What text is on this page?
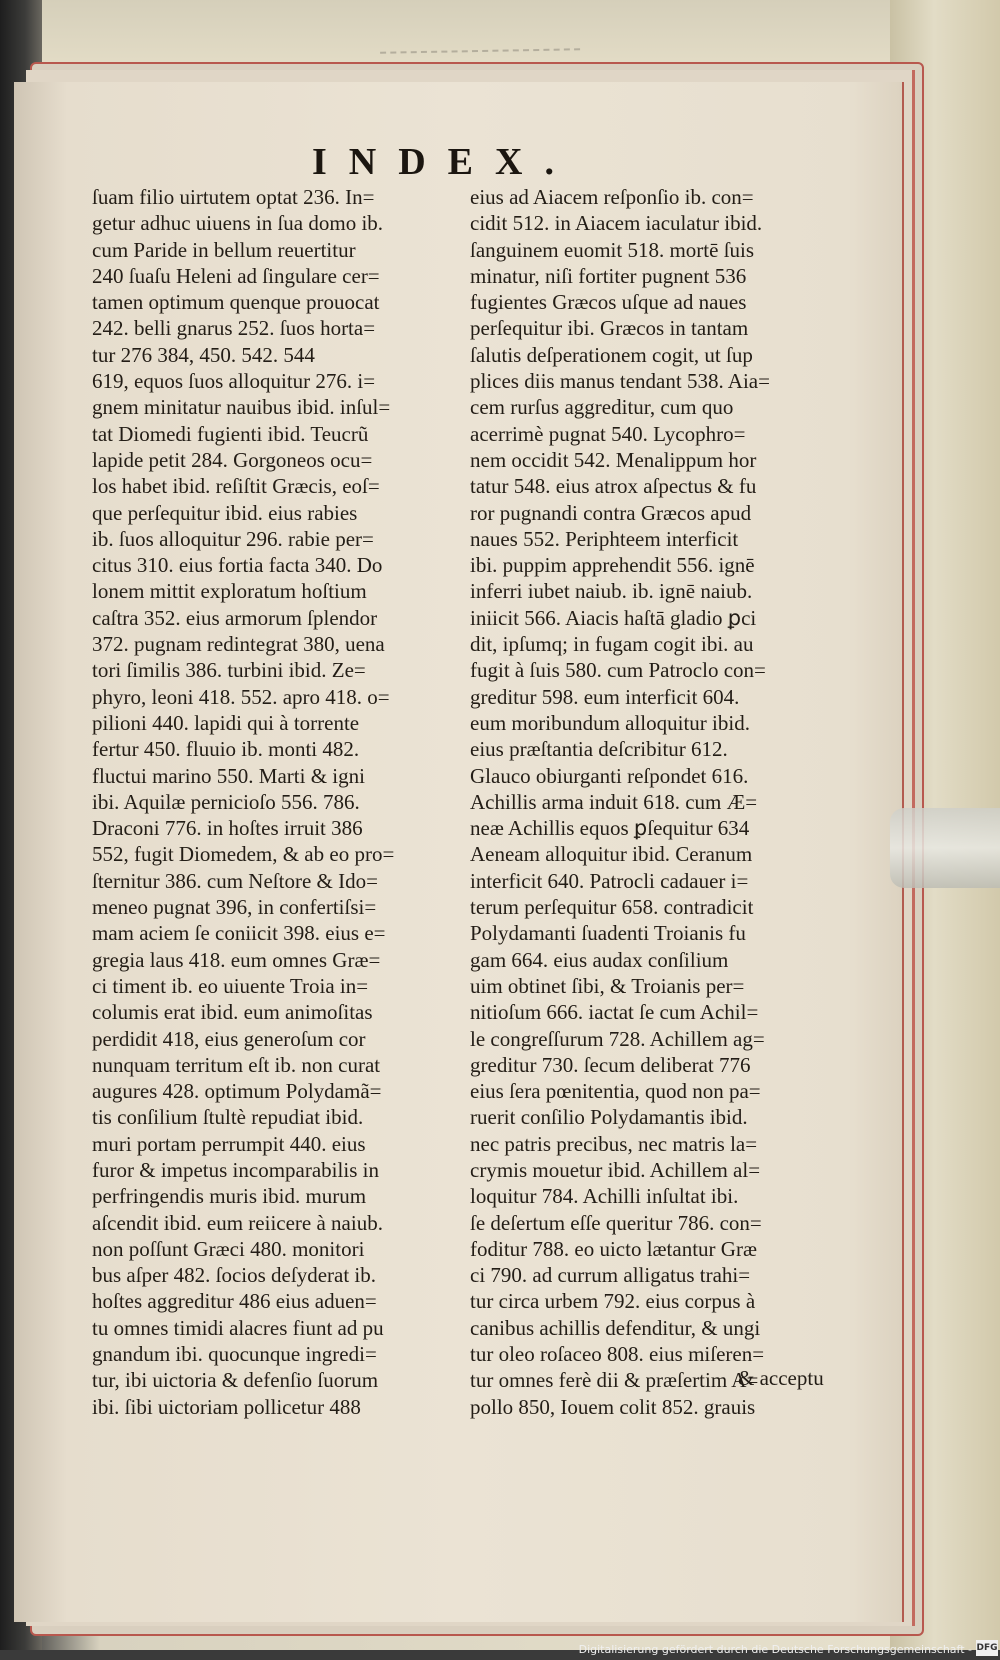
INDEX.
ſuam filio uirtutem optat 236. In=
getur adhuc uiuens in ſua domo ib.
cum Paride in bellum reuertitur
240 ſuaſu Heleni ad ſingulare cer=
tamen optimum quenque prouocat
242. belli gnarus 252. ſuos horta=
tur 276 384, 450. 542. 544
619, equos ſuos alloquitur 276. i=
gnem minitatur nauibus ibid. inſul=
tat Diomedi fugienti ibid. Teucrũ
lapide petit 284. Gorgoneos ocu=
los habet ibid. reſiſtit Græcis, eoſ=
que perſequitur ibid. eius rabies
ib. ſuos alloquitur 296. rabie per=
citus 310. eius fortia facta 340. Do
lonem mittit exploratum hoſtium
caſtra 352. eius armorum ſplendor
372. pugnam redintegrat 380, uena
tori ſimilis 386. turbini ibid. Ze=
phyro, leoni 418. 552. apro 418. o=
pilioni 440. lapidi qui à torrente
fertur 450. fluuio ib. monti 482.
fluctui marino 550. Marti & igni
ibi. Aquilæ pernicioſo 556. 786.
Draconi 776. in hoſtes irruit 386
552, fugit Diomedem, & ab eo pro=
ſternitur 386. cum Neſtore & Ido=
meneo pugnat 396, in confertiſsi=
mam aciem ſe coniicit 398. eius e=
gregia laus 418. eum omnes Græ=
ci timent ib. eo uiuente Troia in=
columis erat ibid. eum animoſitas
perdidit 418, eius generoſum cor
nunquam territum eſt ib. non curat
augures 428. optimum Polydamã=
tis conſilium ſtultè repudiat ibid.
muri portam perrumpit 440. eius
furor & impetus incomparabilis in
perfringendis muris ibid. murum
aſcendit ibid. eum reiicere à naiub.
non poſſunt Græci 480. monitori
bus aſper 482. ſocios deſyderat ib.
hoſtes aggreditur 486 eius aduen=
tu omnes timidi alacres fiunt ad pu
gnandum ibi. quocunque ingredi=
tur, ibi uictoria & defenſio ſuorum
ibi. ſibi uictoriam pollicetur 488
eius ad Aiacem reſponſio ib. con=
cidit 512. in Aiacem iaculatur ibid.
ſanguinem euomit 518. mortē ſuis
minatur, niſi fortiter pugnent 536
fugientes Græcos uſque ad naues
perſequitur ibi. Græcos in tantam
ſalutis deſperationem cogit, ut ſup
plices diis manus tendant 538. Aia=
cem rurſus aggreditur, cum quo
acerrimè pugnat 540. Lycophro=
nem occidit 542. Menalippum hor
tatur 548. eius atrox aſpectus & fu
ror pugnandi contra Græcos apud
naues 552. Periphteem interficit
ibi. puppim apprehendit 556. ignē
inferri iubet naiub. ib. ignē naiub.
iniicit 566. Aiacis haſtā gladio ꝑci
dit, ipſumq; in fugam cogit ibi. au
fugit à ſuis 580. cum Patroclo con=
greditur 598. eum interficit 604.
eum moribundum alloquitur ibid.
eius præſtantia deſcribitur 612.
Glauco obiurganti reſpondet 616.
Achillis arma induit 618. cum Æ=
neæ Achillis equos ꝑſequitur 634
Aeneam alloquitur ibid. Ceranum
interficit 640. Patrocli cadauer i=
terum perſequitur 658. contradicit
Polydamanti ſuadenti Troianis fu
gam 664. eius audax conſilium
uim obtinet ſibi, & Troianis per=
nitioſum 666. iactat ſe cum Achil=
le congreſſurum 728. Achillem ag=
greditur 730. ſecum deliberat 776
eius ſera pœnitentia, quod non pa=
ruerit conſilio Polydamantis ibid.
nec patris precibus, nec matris la=
crymis mouetur ibid. Achillem al=
loquitur 784. Achilli inſultat ibi.
ſe deſertum eſſe queritur 786. con=
foditur 788. eo uicto lætantur Græ
ci 790. ad currum alligatus trahi=
tur circa urbem 792. eius corpus à
canibus achillis defenditur, & ungi
tur oleo roſaceo 808. eius miſeren=
tur omnes ferè dii & præſertim A=
pollo 850, Iouem colit 852. grauis
& acceptu
Digitalisierung gefördert durch die Deutsche Forschungsgemeinschaft - DFG
